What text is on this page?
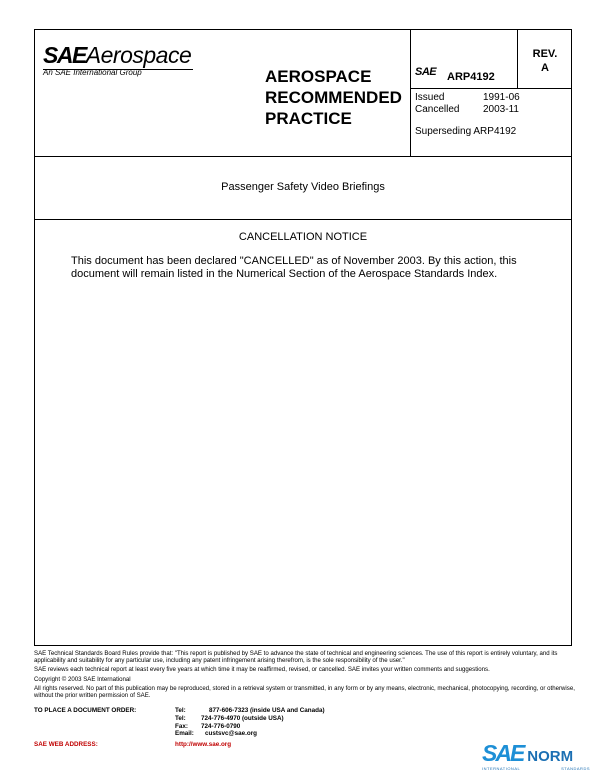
SAEAerospace
An SAE International Group	AEROSPACE
RECOMMENDED
PRACTICE
SAE ARP4192
REV.
A
Issued	1991-06
Cancelled	2003-11
Superseding ARP4192
Passenger Safety Video Briefings
CANCELLATION NOTICE
This document has been declared "CANCELLED" as of November 2003. By this action, this document will remain listed in the Numerical Section of the Aerospace Standards Index.

SAE Technical Standards Board Rules provide that: "This report is published by SAE to advance the state of technical and engineering sciences. The use of this report is entirely voluntary, and its applicability and suitability for any particular use, including any patent infringement arising therefrom, is the sole responsibility of the user."

SAE reviews each technical report at least every five years at which time it may be reaffirmed, revised, or cancelled. SAE invites your written comments and suggestions.

Copyright © 2003 SAE International

All rights reserved. No part of this publication may be reproduced, stored in a retrieval system or transmitted, in any form or by any means, electronic, mechanical, photocopying, recording, or otherwise, without the prior written permission of SAE.

TO PLACE A DOCUMENT ORDER:	Tel:	877-606-7323 (inside USA and Canada)
Tel:	724-776-4970 (outside USA)
Fax:	724-776-0790
Email:	custsvc@sae.org
SAE WEB ADDRESS:	http://www.sae.org	SAE NORM
INTERNATIONAL	STANDARDS
